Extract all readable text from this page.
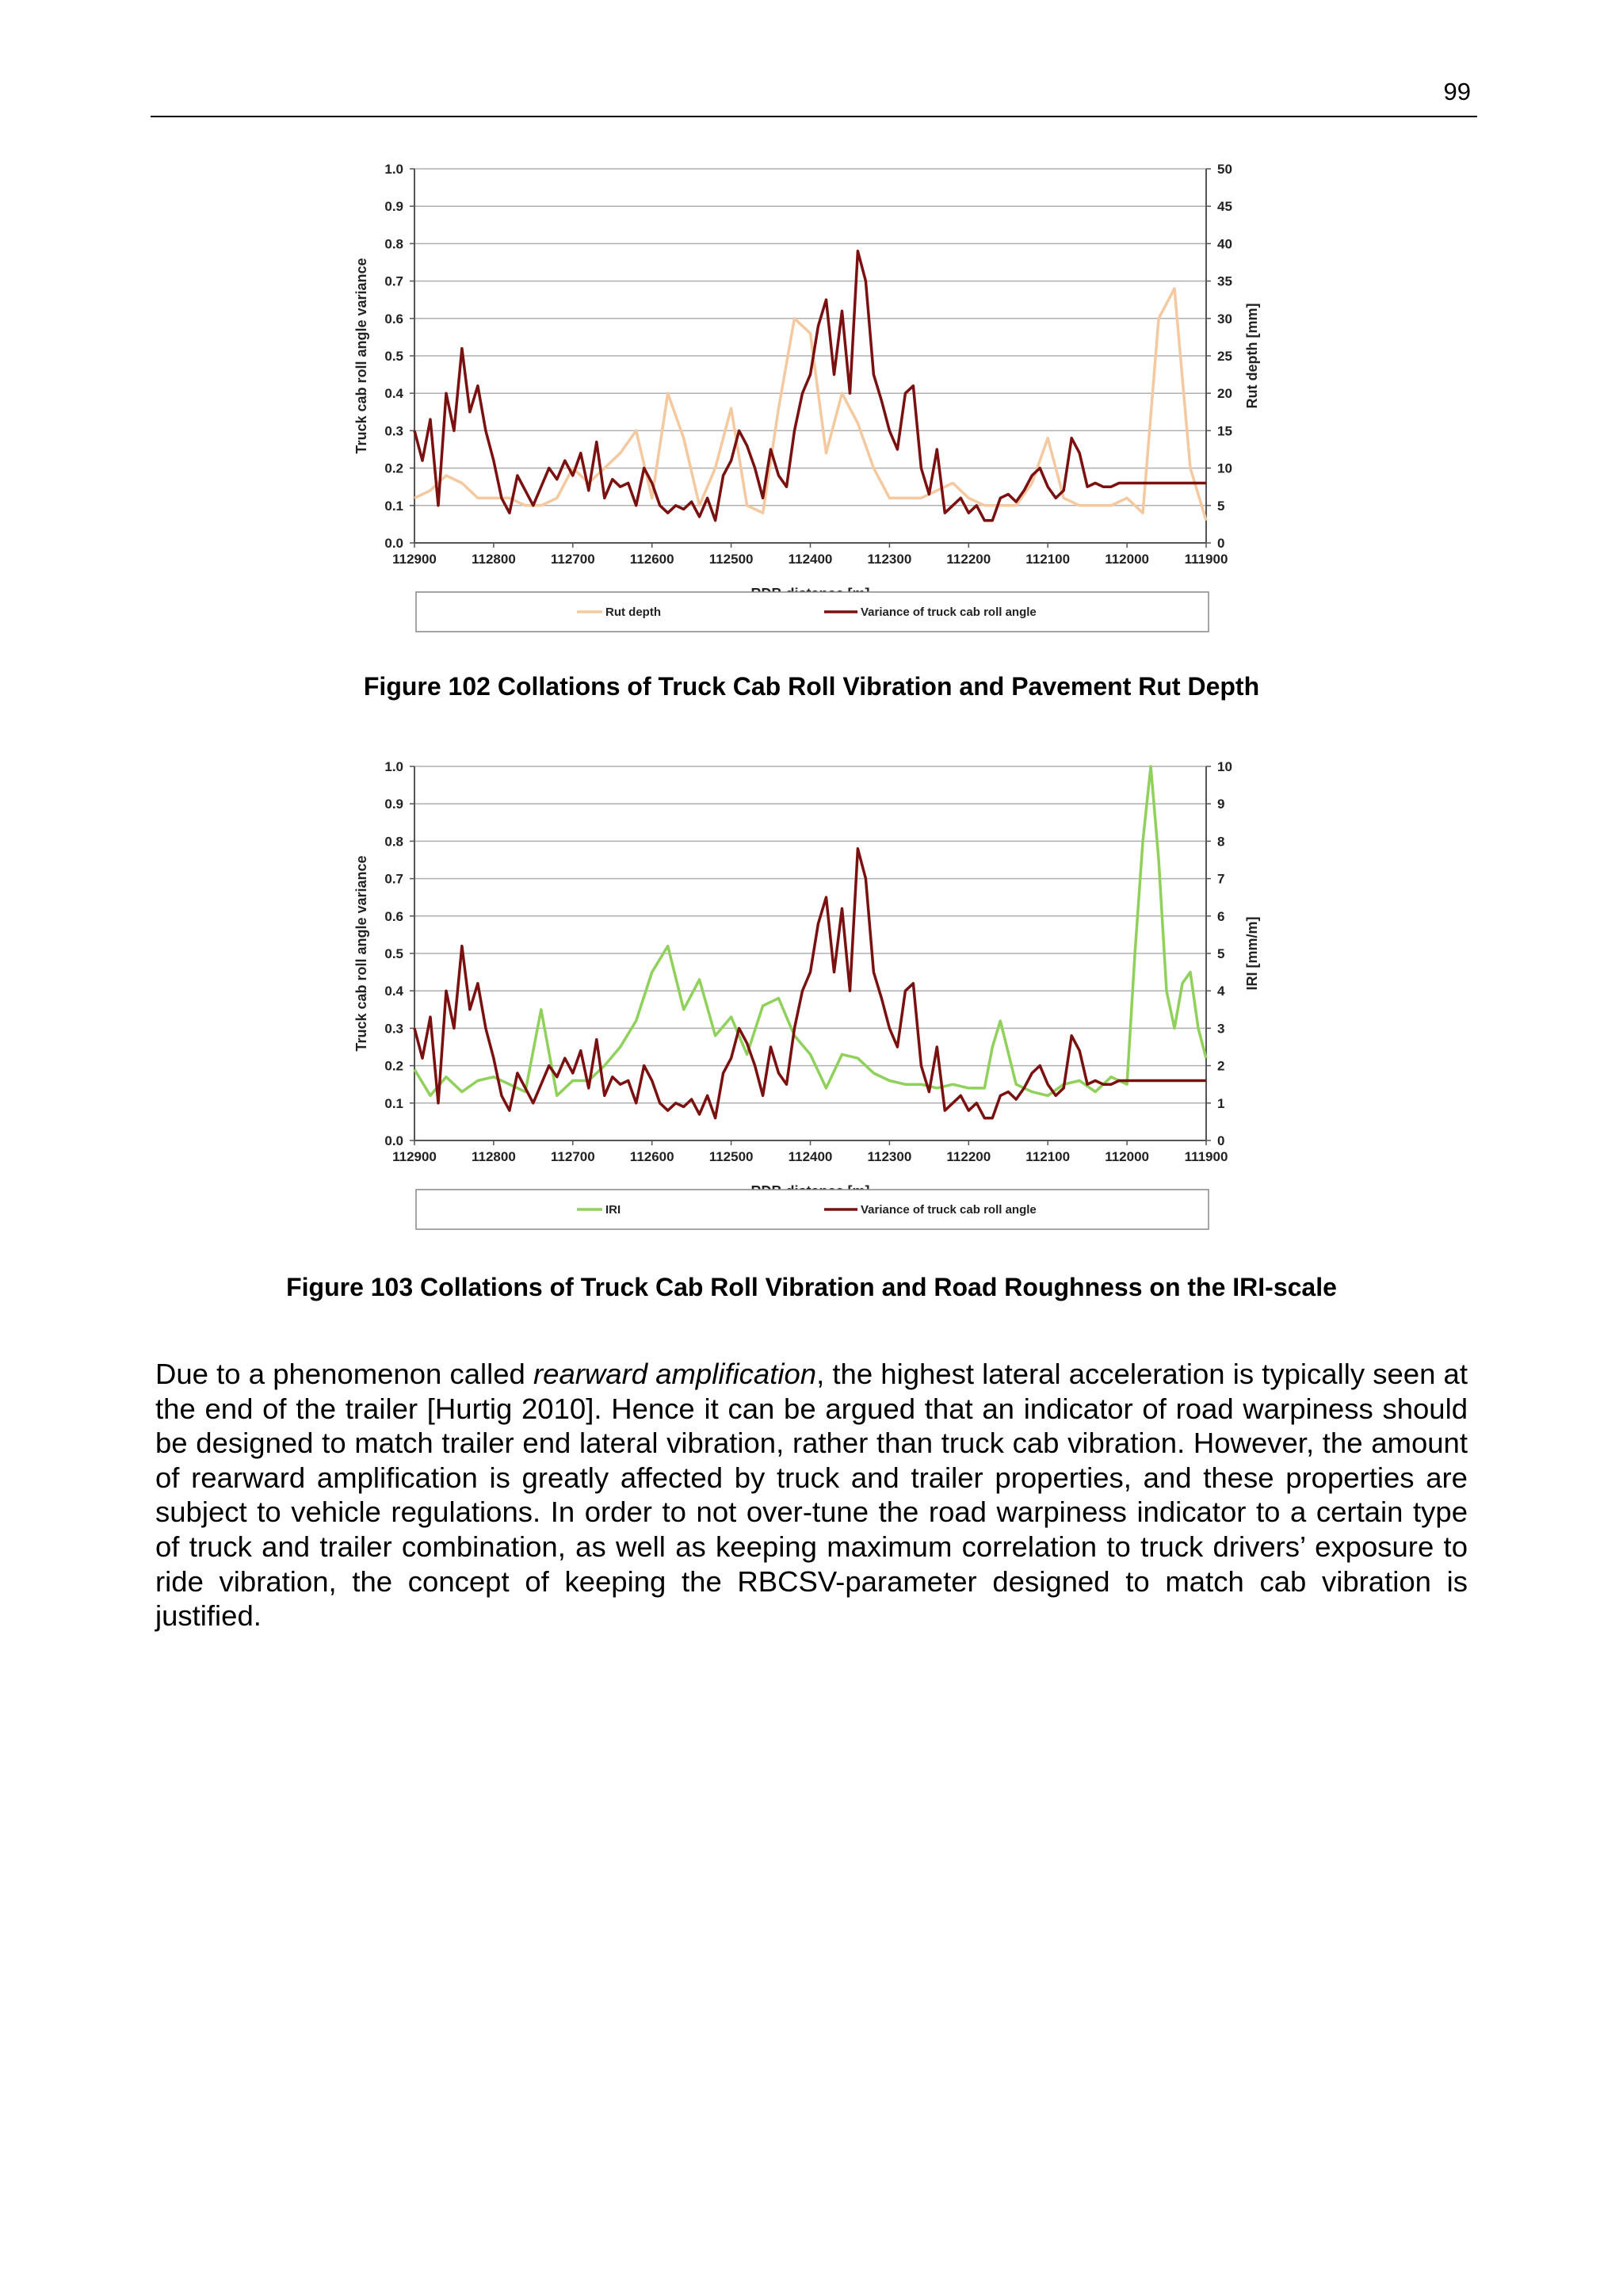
99
0.0
0.1
0.2
0.3
0.4
0.5
0.6
0.7
0.8
0.9
1.0
0
5
10
15
20
25
30
35
40
45
50
112900	112800	112700	112600	112500	112400	112300	112200	112100	112000	111900
Truck cab roll angle variance	Rut depth [mm]
Rut depth	Variance of truck cab roll angle
Figure 102 Collations of Truck Cab Roll Vibration and Pavement Rut Depth
0.0
0.1
0.2
0.3
0.4
0.5
0.6
0.7
0.8
0.9
1.0
0
1
2
3
4
5
6
7
8
9
10
112900	112800	112700	112600	112500	112400	112300	112200	112100	112000	111900
Truck cab roll angle variance	IRI [mm/m]
IRI	Variance of truck cab roll angle
Figure 103 Collations of Truck Cab Roll Vibration and Road Roughness on the IRI-scale
Due to a phenomenon called rearward amplification, the highest lateral acceleration is typically seen at the end of the trailer [Hurtig 2010]. Hence it can be argued that an indicator of road warpiness should be designed to match trailer end lateral vibration, rather than truck cab vibration. However, the amount of rearward amplification is greatly affected by truck and trailer properties, and these properties are subject to vehicle regulations. In order to not over-tune the road warpiness indicator to a certain type of truck and trailer combination, as well as keeping maximum correlation to truck drivers’ exposure to ride vibration, the concept of keeping the RBCSV-parameter designed to match cab vibration is justified.
